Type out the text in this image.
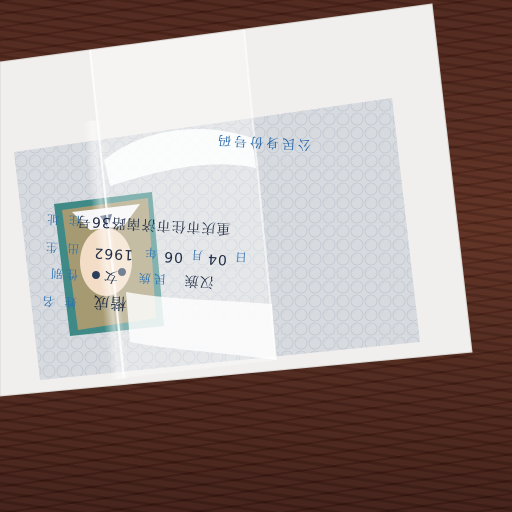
公民身份号码
住 址
重庆市住市济南路36号
出 生 1962 年 06 月 04 日
性别 女 民族 汉族
姓 名 楷成
